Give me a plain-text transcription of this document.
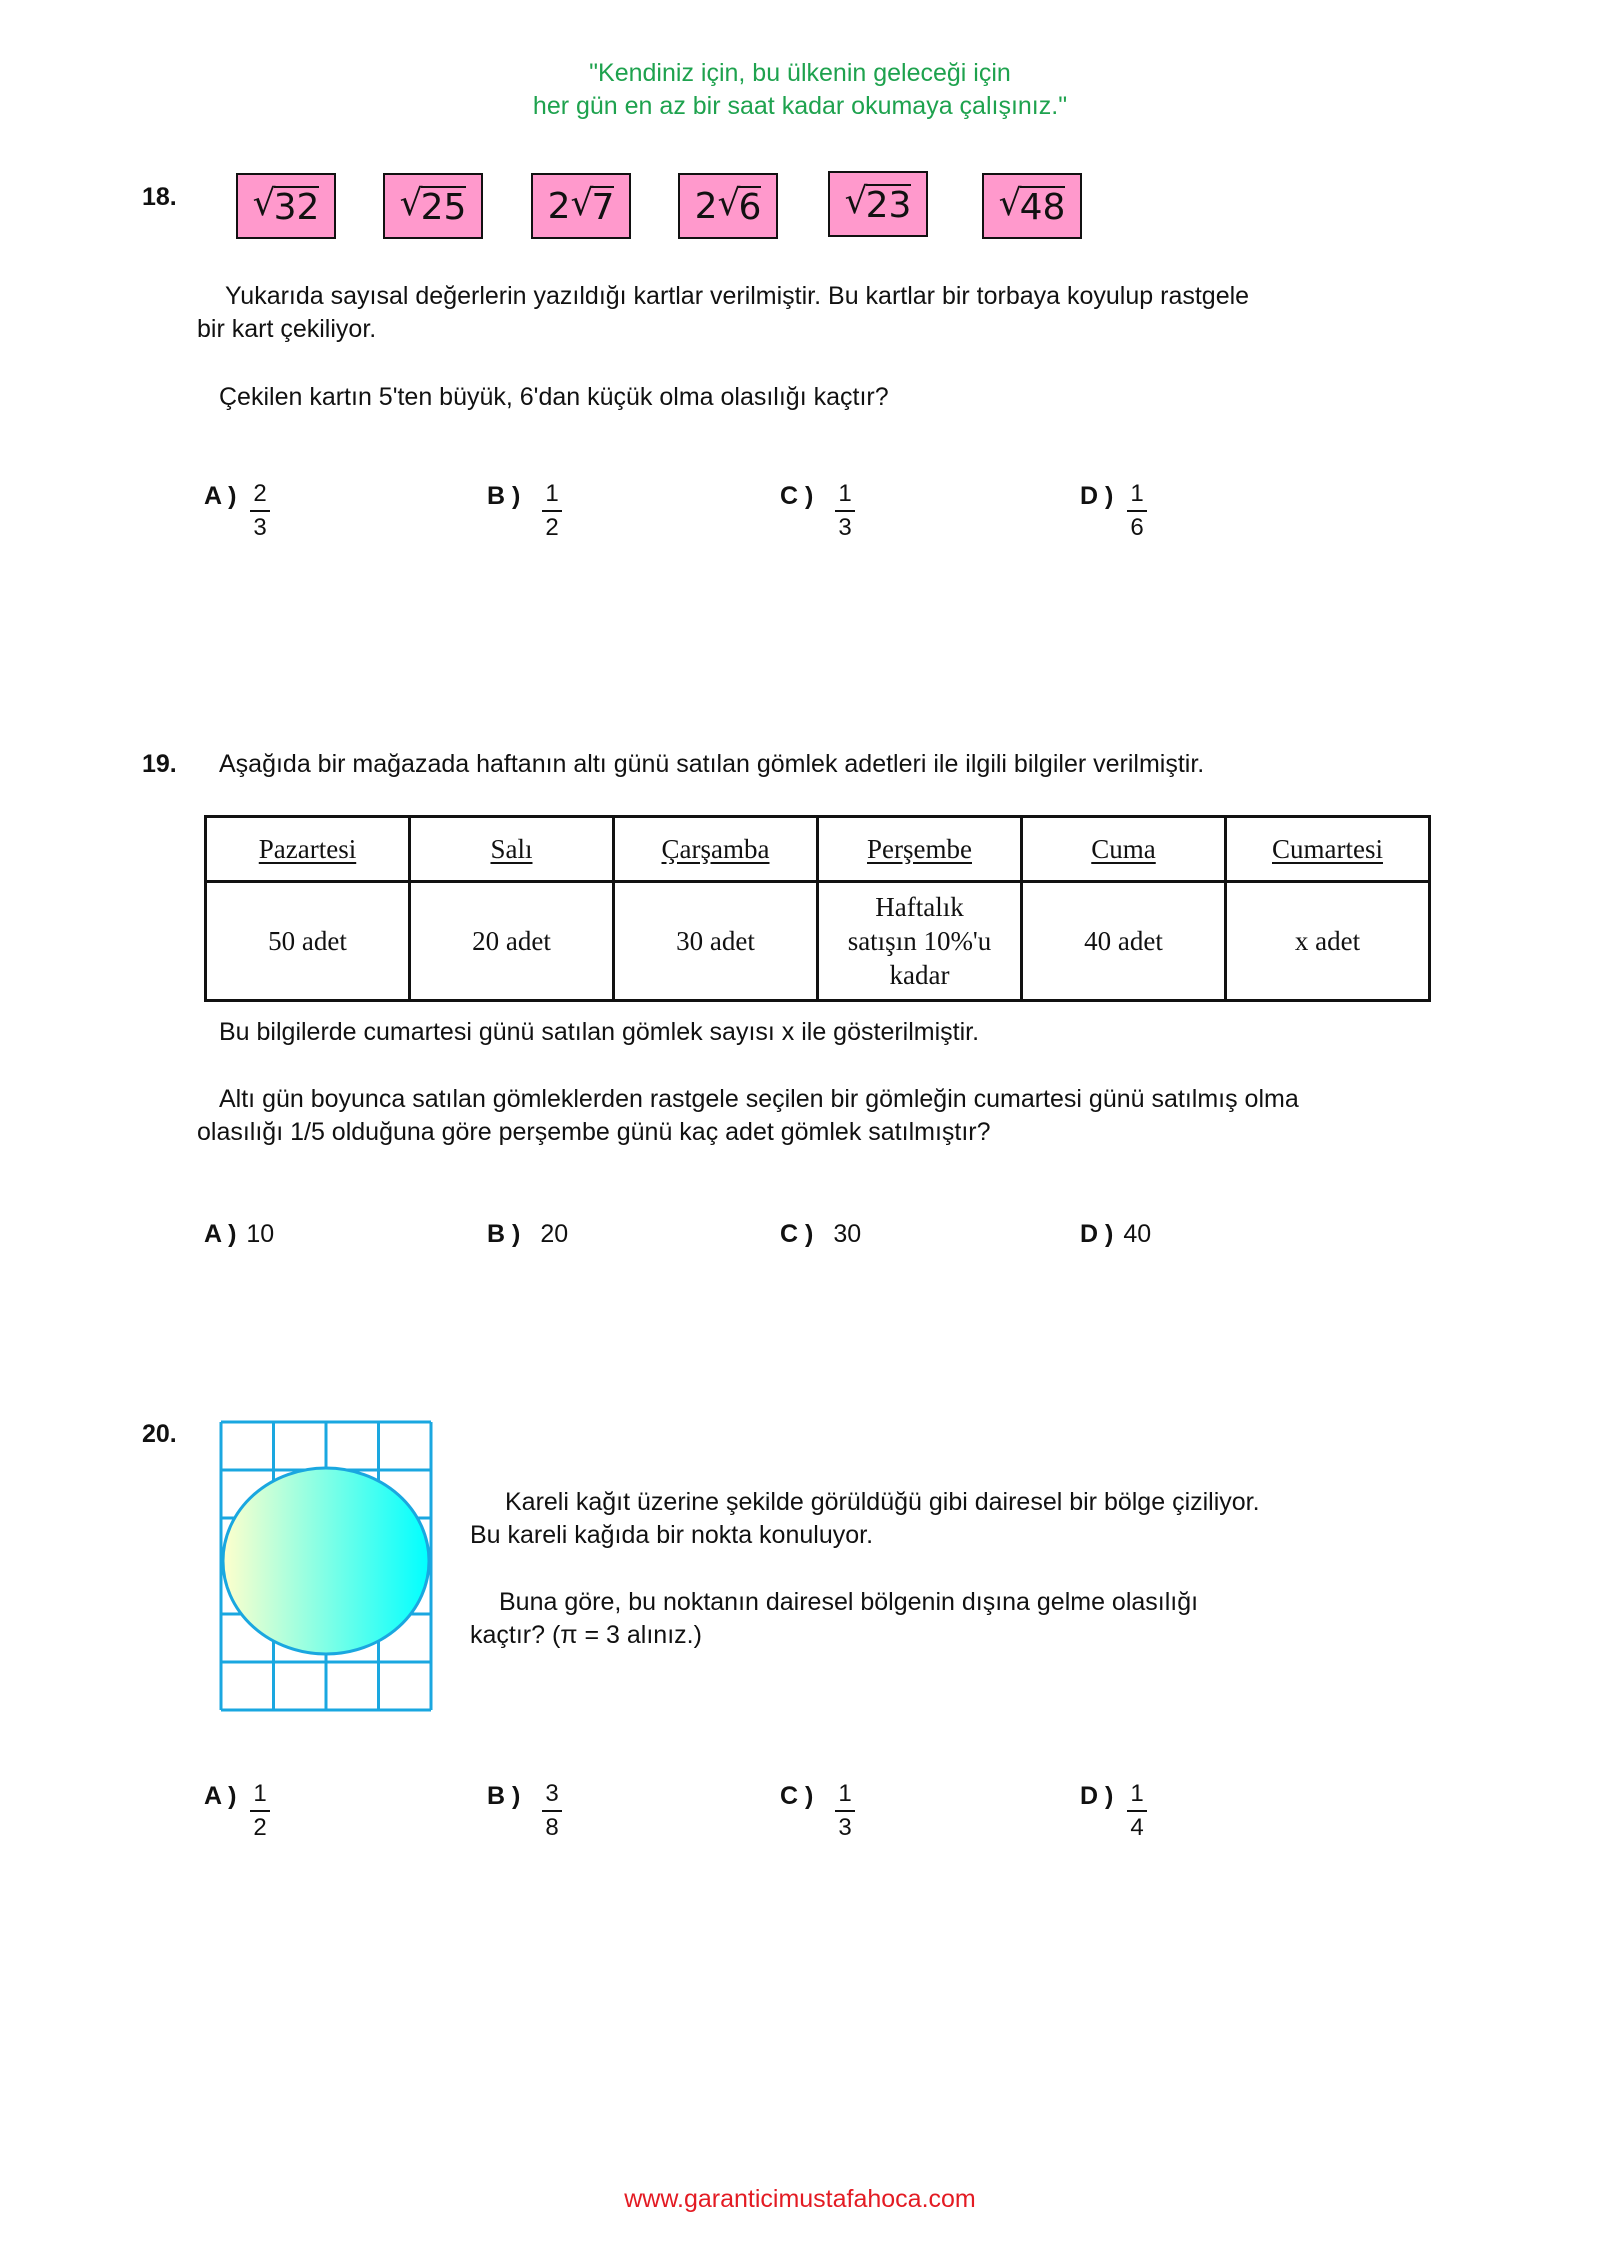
"Kendiniz için, bu ülkenin geleceği için
her gün en az bir saat kadar okumaya çalışınız."
18. √
32 √
25 2 √
7 2 √
6 √
23 √
48
Yukarıda sayısal değerlerin yazıldığı kartlar verilmiştir. Bu kartlar bir torbaya koyulup rastgele
bir kart çekiliyor.
Çekilen kartın 5'ten büyük, 6'dan küçük olma olasılığı kaçtır?
A ) $\frac{2}{3}$	B ) $\frac{1}{2}$	C ) $\frac{1}{3}$	D ) $\frac{1}{6}$
19. Aşağıda bir mağazada haftanın altı günü satılan gömlek adetleri ile ilgili bilgiler verilmiştir.
Pazartesi	Salı	Çarşamba	Perşembe	Cuma	Cumartesi
50 adet	20 adet	30 adet	Haftalık
satışın 10%'u
kadar	40 adet	x adet
Bu bilgilerde cumartesi günü satılan gömlek sayısı x ile gösterilmiştir.
Altı gün boyunca satılan gömleklerden rastgele seçilen bir gömleğin cumartesi günü satılmış olma
olasılığı 1/5 olduğuna göre perşembe günü kaç adet gömlek satılmıştır?
A ) 10	B ) 20	C ) 30	D ) 40
20.
Kareli kağıt üzerine şekilde görüldüğü gibi dairesel bir bölge çiziliyor.
Bu kareli kağıda bir nokta konuluyor.
Buna göre, bu noktanın dairesel bölgenin dışına gelme olasılığı
kaçtır? (π = 3 alınız.)
A ) $\frac{1}{2}$	B ) $\frac{3}{8}$	C ) $\frac{1}{3}$	D ) $\frac{1}{4}$
www.garanticimustafahoca.com
